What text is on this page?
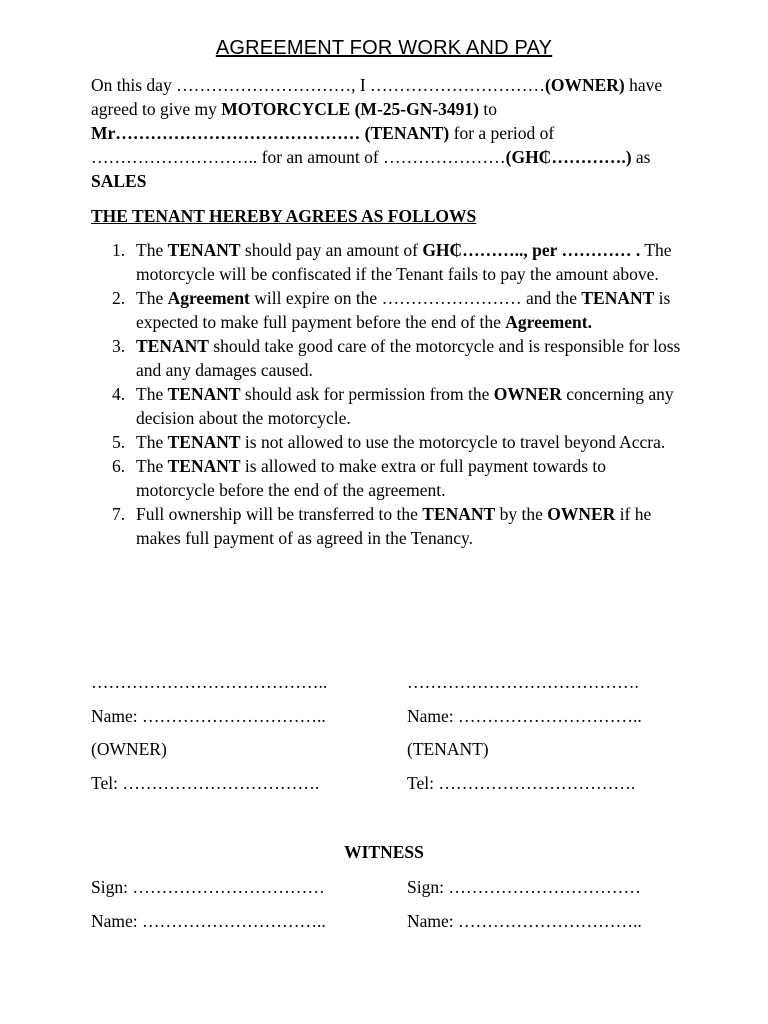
AGREEMENT FOR WORK AND PAY

On this day …………………………, I …………………………(OWNER) have agreed to give my MOTORCYCLE (M-25-GN-3491) to Mr…………………………………… (TENANT) for a period of ……………………….. for an amount of …………………(GH₵………….) as SALES

THE TENANT HEREBY AGREES AS FOLLOWS
1. The TENANT should pay an amount of GH₵……….., per ………… . The motorcycle will be confiscated if the Tenant fails to pay the amount above.
2. The Agreement will expire on the …………………… and the TENANT is expected to make full payment before the end of the Agreement.
3. TENANT should take good care of the motorcycle and is responsible for loss and any damages caused.
4. The TENANT should ask for permission from the OWNER concerning any decision about the motorcycle.
5. The TENANT is not allowed to use the motorcycle to travel beyond Accra.
6. The TENANT is allowed to make extra or full payment towards to motorcycle before the end of the agreement.
7. Full ownership will be transferred to the TENANT by the OWNER if he makes full payment of as agreed in the Tenancy.
…………………………………..
Name: …………………………..
(OWNER)
Tel: …………………………….
………………………………….
Name: …………………………..
(TENANT)
Tel: …………………………….
WITNESS
Sign: ……………………………
Name: …………………………..
Sign: ……………………………
Name: …………………………..
